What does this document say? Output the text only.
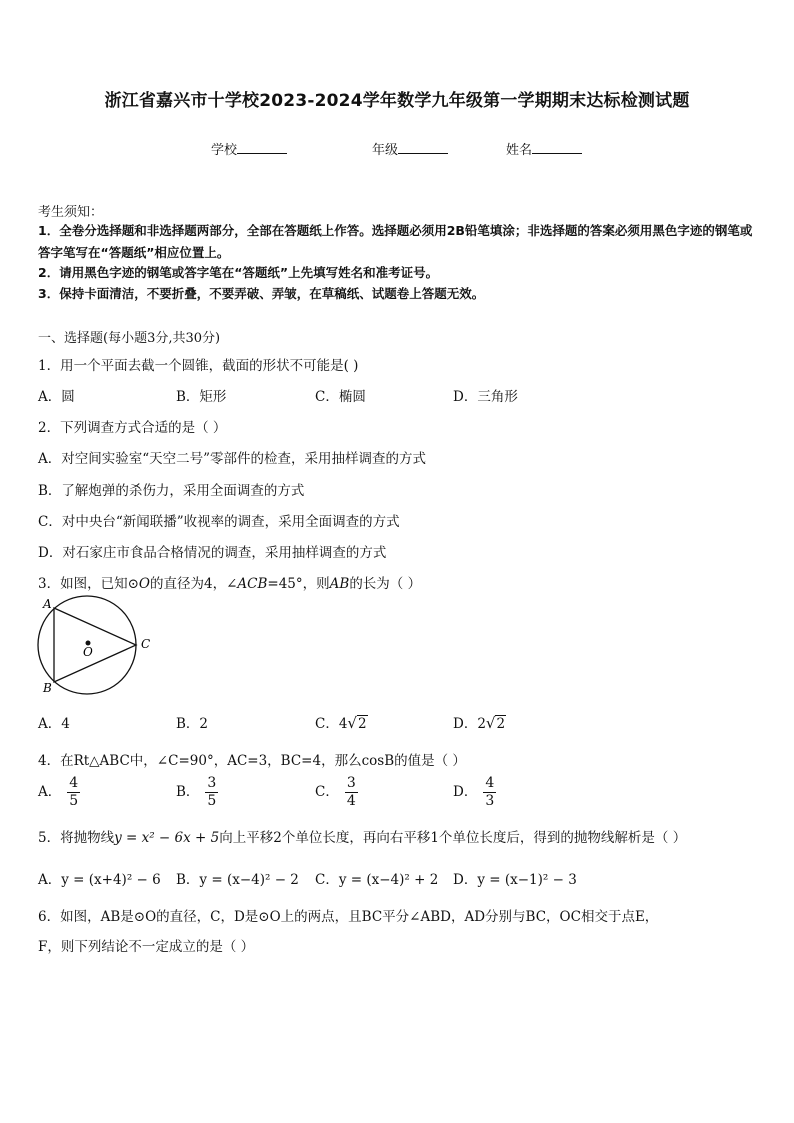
浙江省嘉兴市十学校2023-2024学年数学九年级第一学期期末达标检测试题
学校	年级	姓名
考生须知：
1．全卷分选择题和非选择题两部分，全部在答题纸上作答。选择题必须用2B铅笔填涂；非选择题的答案必须用黑色字迹的钢笔或答字笔写在“答题纸”相应位置上。
2．请用黑色字迹的钢笔或答字笔在“答题纸”上先填写姓名和准考证号。
3．保持卡面清洁，不要折叠，不要弄破、弄皱，在草稿纸、试题卷上答题无效。
一、选择题(每小题3分,共30分)
1．用一个平面去截一个圆锥，截面的形状不可能是( )
A．圆	B．矩形	C．椭圆	D．三角形
2．下列调查方式合适的是（ ）
A．对空间实验室“天空二号”零部件的检查，采用抽样调查的方式
B．了解炮弹的杀伤力，采用全面调查的方式
C．对中央台“新闻联播”收视率的调查，采用全面调查的方式
D．对石家庄市食品合格情况的调查，采用抽样调查的方式
3．如图，已知⊙O的直径为4，∠ACB=45°，则AB的长为（ ）
A
B
C
O
A．4	B．2	C．4√2	D．2√2
4．在Rt△ABC中，∠C=90°，AC=3，BC=4，那么cosB的值是（ ）
A． $\frac{4}{5}$	B． $\frac{3}{5}$	C． $\frac{3}{4}$	D． $\frac{4}{3}$
5．将抛物线y = x² − 6x + 5向上平移2个单位长度，再向右平移1个单位长度后，得到的抛物线解析是（ ）
A．y = (x+4)² − 6 B．y = (x−4)² − 2 C．y = (x−4)² + 2 D．y = (x−1)² − 3
6．如图，AB是⊙O的直径，C，D是⊙O上的两点，且BC平分∠ABD，AD分别与BC，OC相交于点E，
F，则下列结论不一定成立的是（ ）
